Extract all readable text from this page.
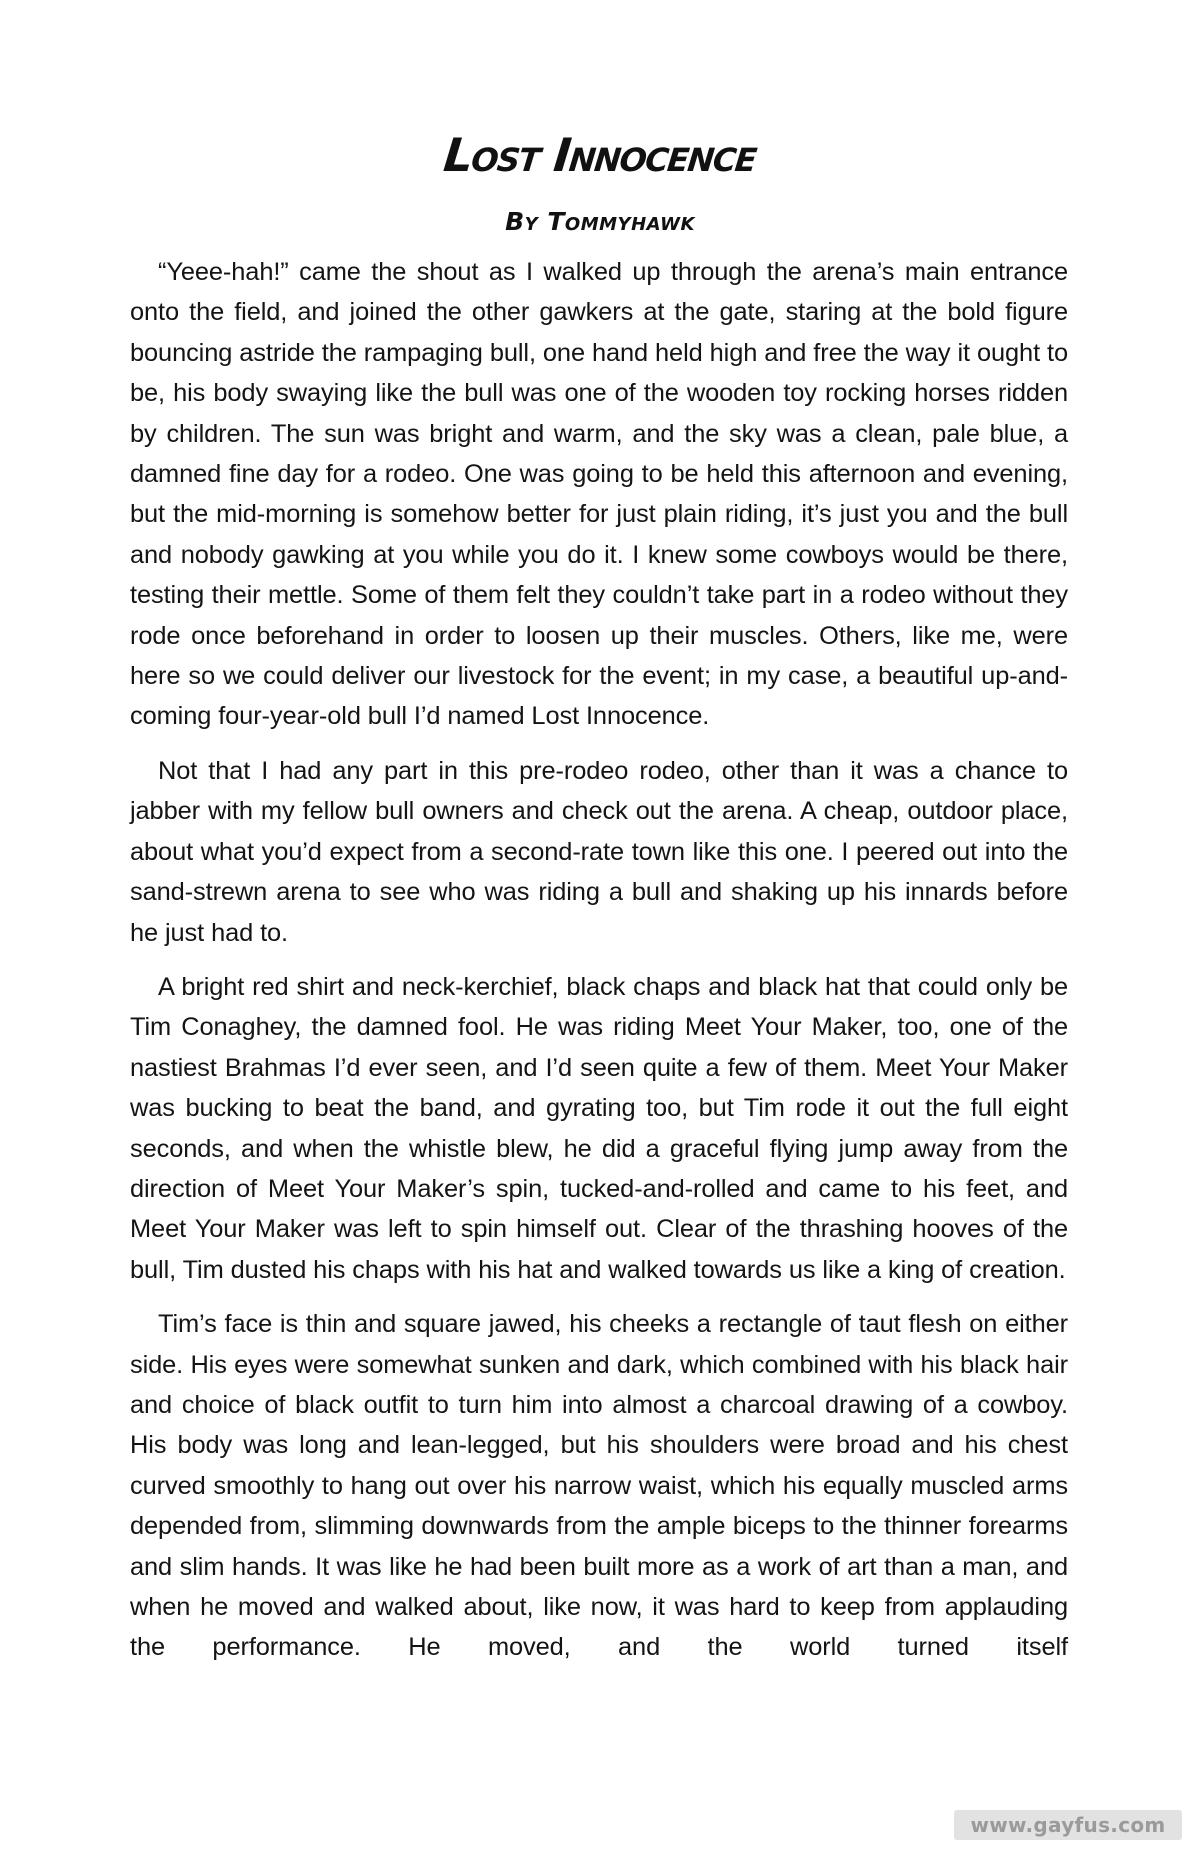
Lost Innocence
By Tommyhawk

“Yeee-hah!” came the shout as I walked up through the arena’s main entrance onto the field, and joined the other gawkers at the gate, staring at the bold figure bouncing astride the rampaging bull, one hand held high and free the way it ought to be, his body swaying like the bull was one of the wooden toy rocking horses ridden by children. The sun was bright and warm, and the sky was a clean, pale blue, a damned fine day for a rodeo. One was going to be held this afternoon and evening, but the mid-morning is somehow better for just plain riding, it’s just you and the bull and nobody gawking at you while you do it. I knew some cowboys would be there, testing their mettle. Some of them felt they couldn’t take part in a rodeo without they rode once beforehand in order to loosen up their muscles. Others, like me, were here so we could deliver our livestock for the event; in my case, a beautiful up-and-coming four-year-old bull I’d named Lost Innocence.

Not that I had any part in this pre-rodeo rodeo, other than it was a chance to jabber with my fellow bull owners and check out the arena. A cheap, outdoor place, about what you’d expect from a second-rate town like this one. I peered out into the sand-strewn arena to see who was riding a bull and shaking up his innards before he just had to.

A bright red shirt and neck-kerchief, black chaps and black hat that could only be Tim Conaghey, the damned fool. He was riding Meet Your Maker, too, one of the nastiest Brahmas I’d ever seen, and I’d seen quite a few of them. Meet Your Maker was bucking to beat the band, and gyrating too, but Tim rode it out the full eight seconds, and when the whistle blew, he did a graceful flying jump away from the direction of Meet Your Maker’s spin, tucked-and-rolled and came to his feet, and Meet Your Maker was left to spin himself out. Clear of the thrashing hooves of the bull, Tim dusted his chaps with his hat and walked towards us like a king of creation.

Tim’s face is thin and square jawed, his cheeks a rectangle of taut flesh on either side. His eyes were somewhat sunken and dark, which combined with his black hair and choice of black outfit to turn him into almost a charcoal drawing of a cowboy. His body was long and lean-legged, but his shoulders were broad and his chest curved smoothly to hang out over his narrow waist, which his equally muscled arms depended from, slimming downwards from the ample biceps to the thinner forearms and slim hands. It was like he had been built more as a work of art than a man, and when he moved and walked about, like now, it was hard to keep from applauding the performance. He moved, and the world turned itself

www.gayfus.com
